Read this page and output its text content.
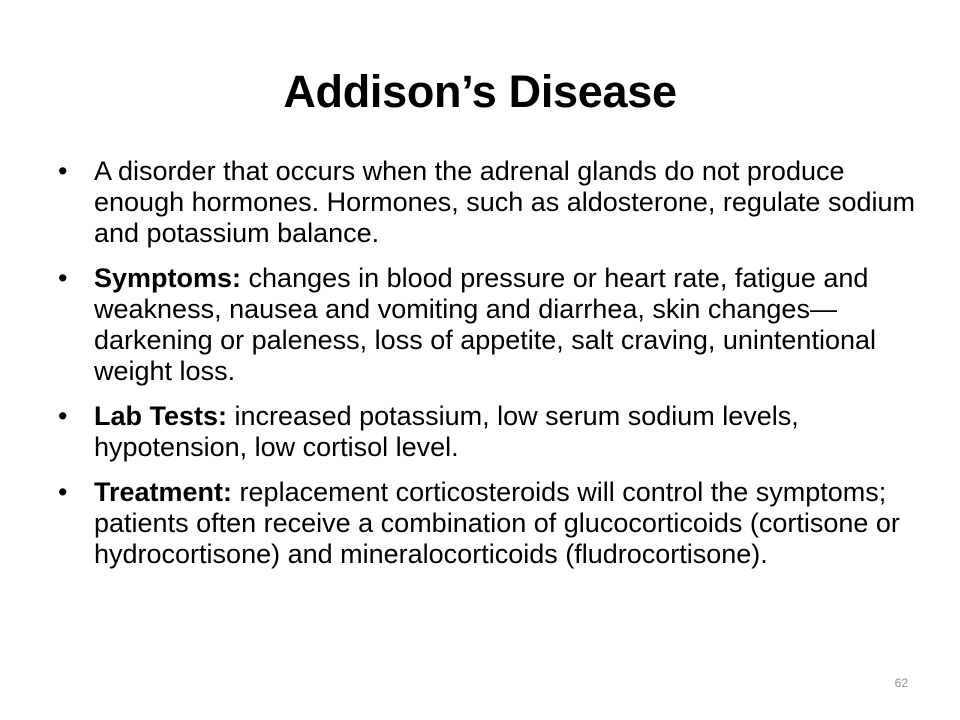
Addison’s Disease
• A disorder that occurs when the adrenal glands do not produce enough hormones. Hormones, such as aldosterone, regulate sodium and potassium balance.
• Symptoms: changes in blood pressure or heart rate, fatigue and weakness, nausea and vomiting and diarrhea, skin changes—darkening or paleness, loss of appetite, salt craving, unintentional weight loss.
• Lab Tests: increased potassium, low serum sodium levels, hypotension, low cortisol level.
• Treatment: replacement corticosteroids will control the symptoms; patients often receive a combination of glucocorticoids (cortisone or hydrocortisone) and mineralocorticoids (fludrocortisone).
62
